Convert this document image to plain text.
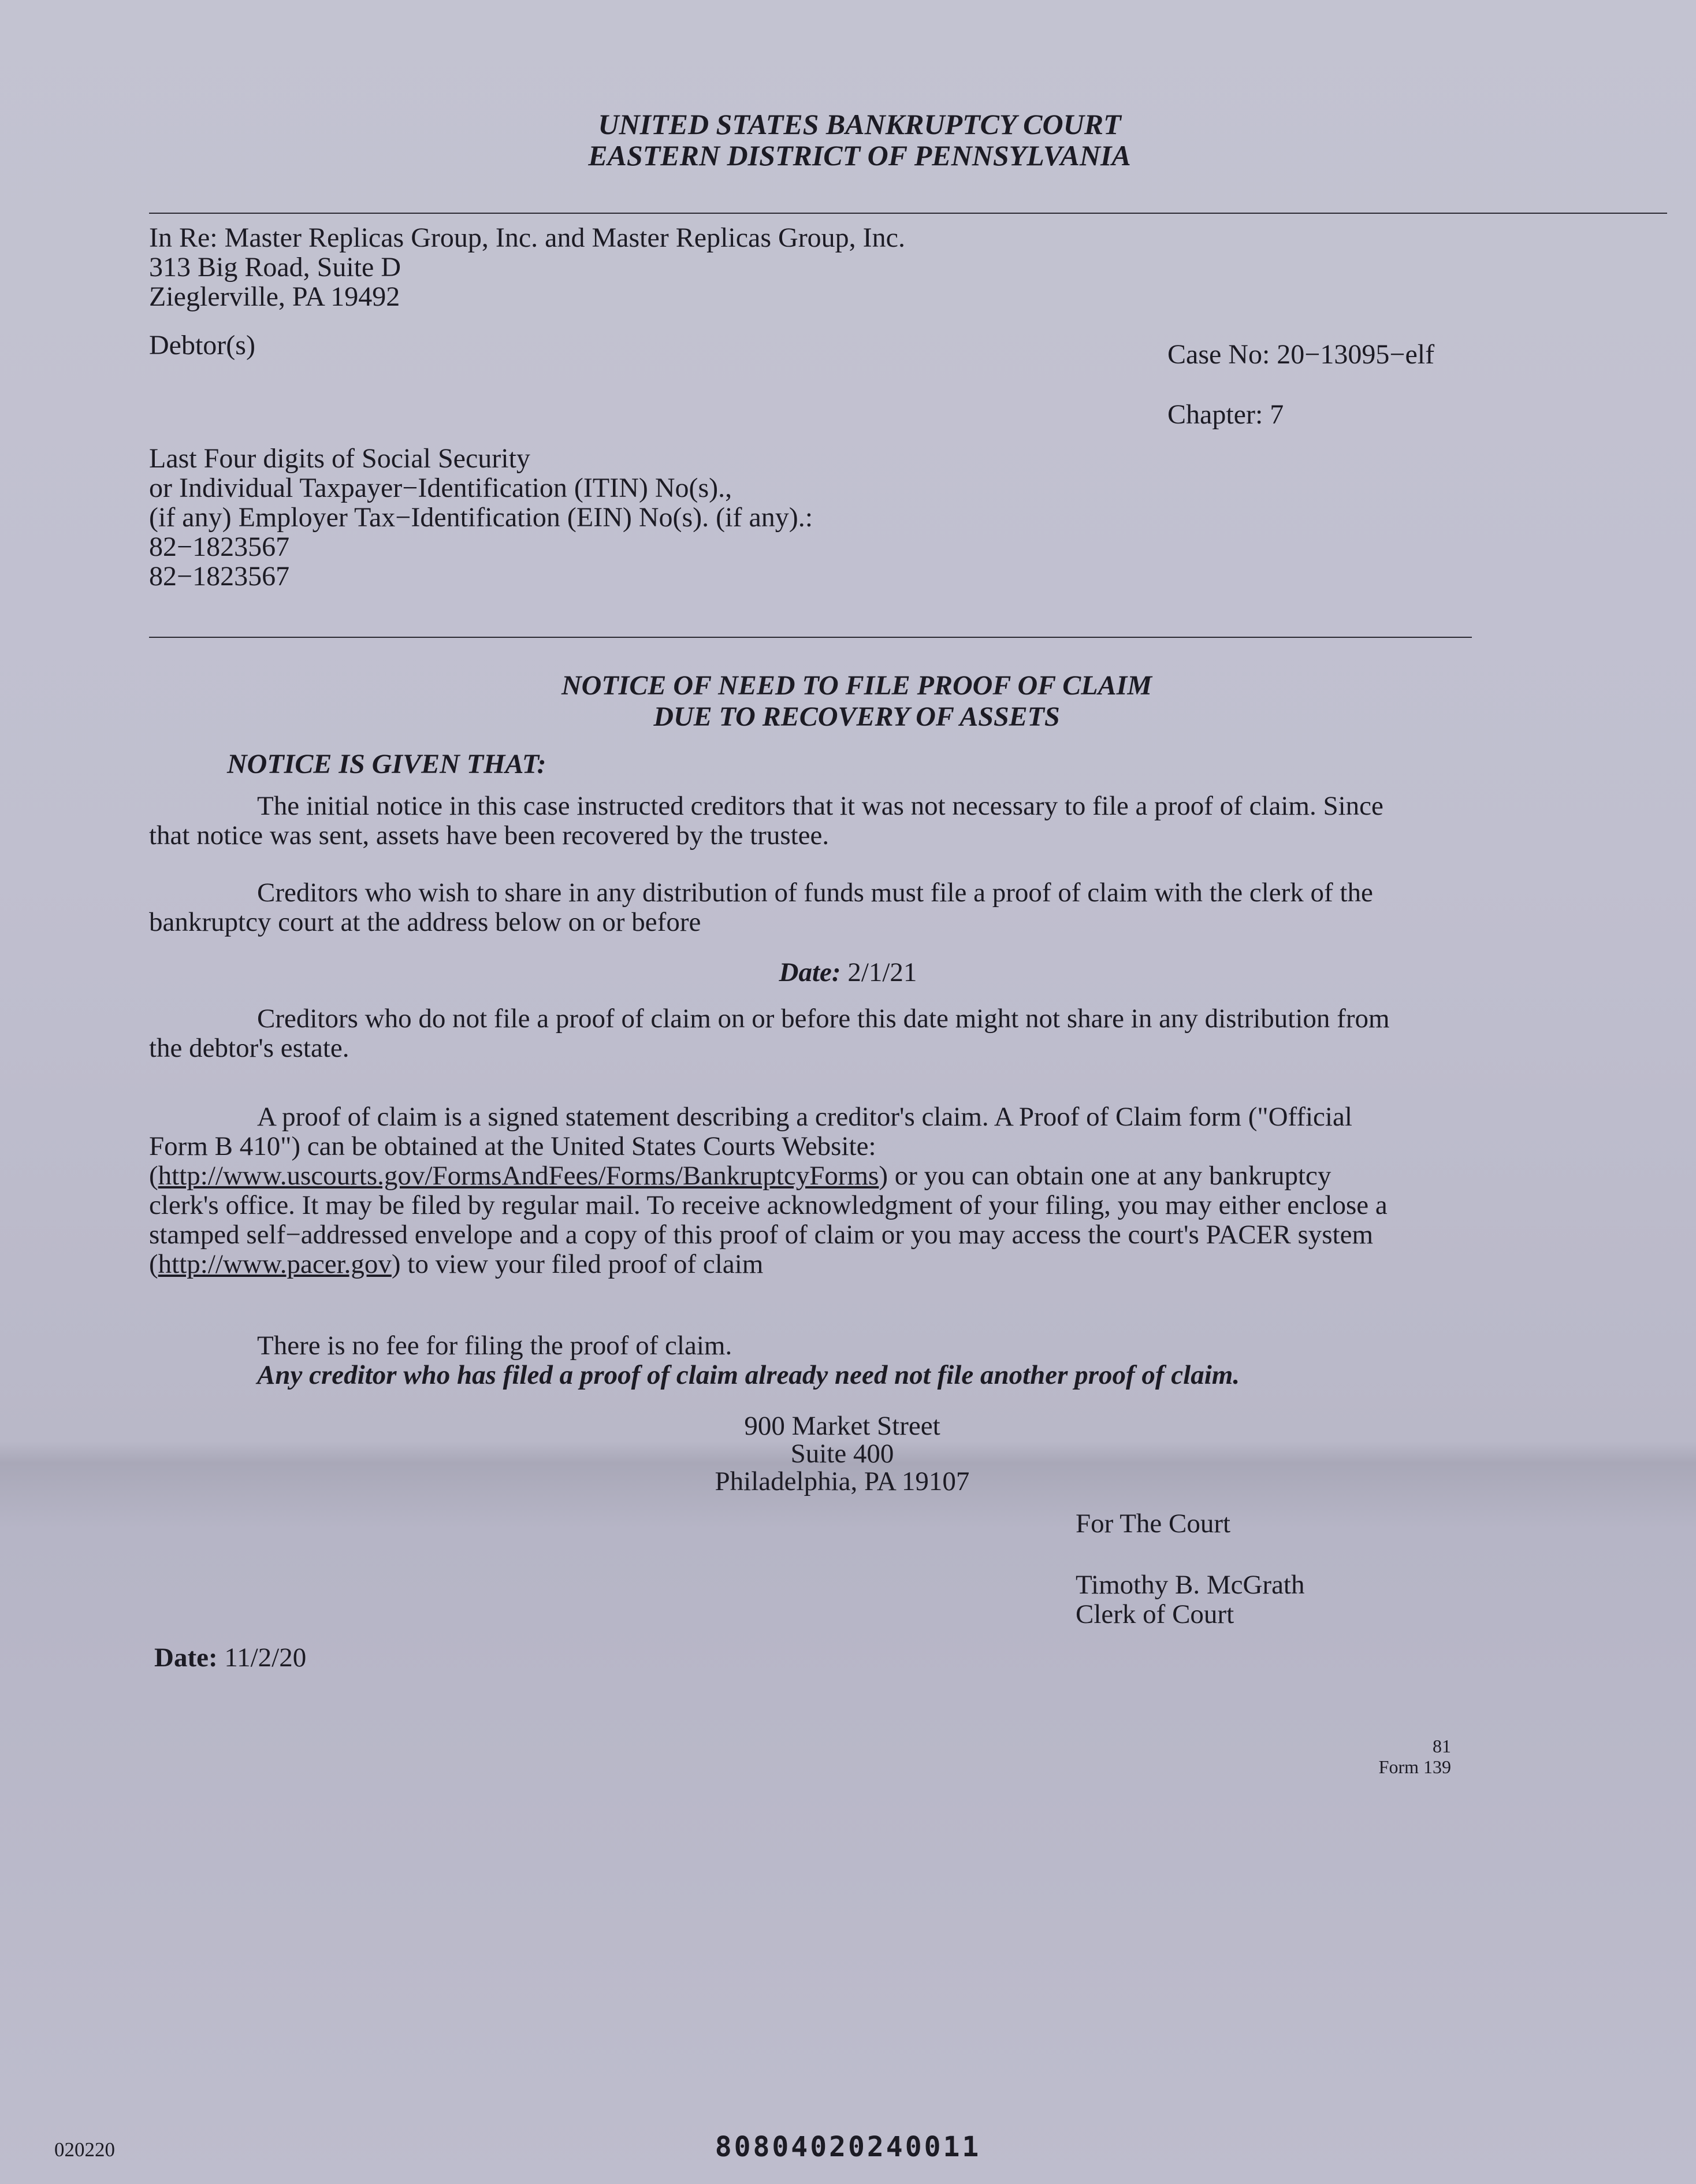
UNITED STATES BANKRUPTCY COURT
EASTERN DISTRICT OF PENNSYLVANIA
In Re: Master Replicas Group, Inc. and Master Replicas Group, Inc.
313 Big Road, Suite D
Zieglerville, PA 19492
Debtor(s)	Case No: 20−13095−elf
Chapter: 7
Last Four digits of Social Security
or Individual Taxpayer−Identification (ITIN) No(s).,
(if any) Employer Tax−Identification (EIN) No(s). (if any).:
82−1823567
82−1823567
NOTICE OF NEED TO FILE PROOF OF CLAIM
DUE TO RECOVERY OF ASSETS
NOTICE IS GIVEN THAT:
The initial notice in this case instructed creditors that it was not necessary to file a proof of claim. Since
that notice was sent, assets have been recovered by the trustee.
Creditors who wish to share in any distribution of funds must file a proof of claim with the clerk of the
bankruptcy court at the address below on or before
Date: 2/1/21
Creditors who do not file a proof of claim on or before this date might not share in any distribution from
the debtor's estate.
A proof of claim is a signed statement describing a creditor's claim. A Proof of Claim form ("Official
Form B 410") can be obtained at the United States Courts Website:
(http://www.uscourts.gov/FormsAndFees/Forms/BankruptcyForms) or you can obtain one at any bankruptcy
clerk's office. It may be filed by regular mail. To receive acknowledgment of your filing, you may either enclose a
stamped self−addressed envelope and a copy of this proof of claim or you may access the court's PACER system
(http://www.pacer.gov) to view your filed proof of claim
There is no fee for filing the proof of claim.
Any creditor who has filed a proof of claim already need not file another proof of claim.
900 Market Street
Suite 400
Philadelphia, PA 19107
For The Court
Timothy B. McGrath
Clerk of Court
Date: 11/2/20
81
Form 139
020220	80804020240011
